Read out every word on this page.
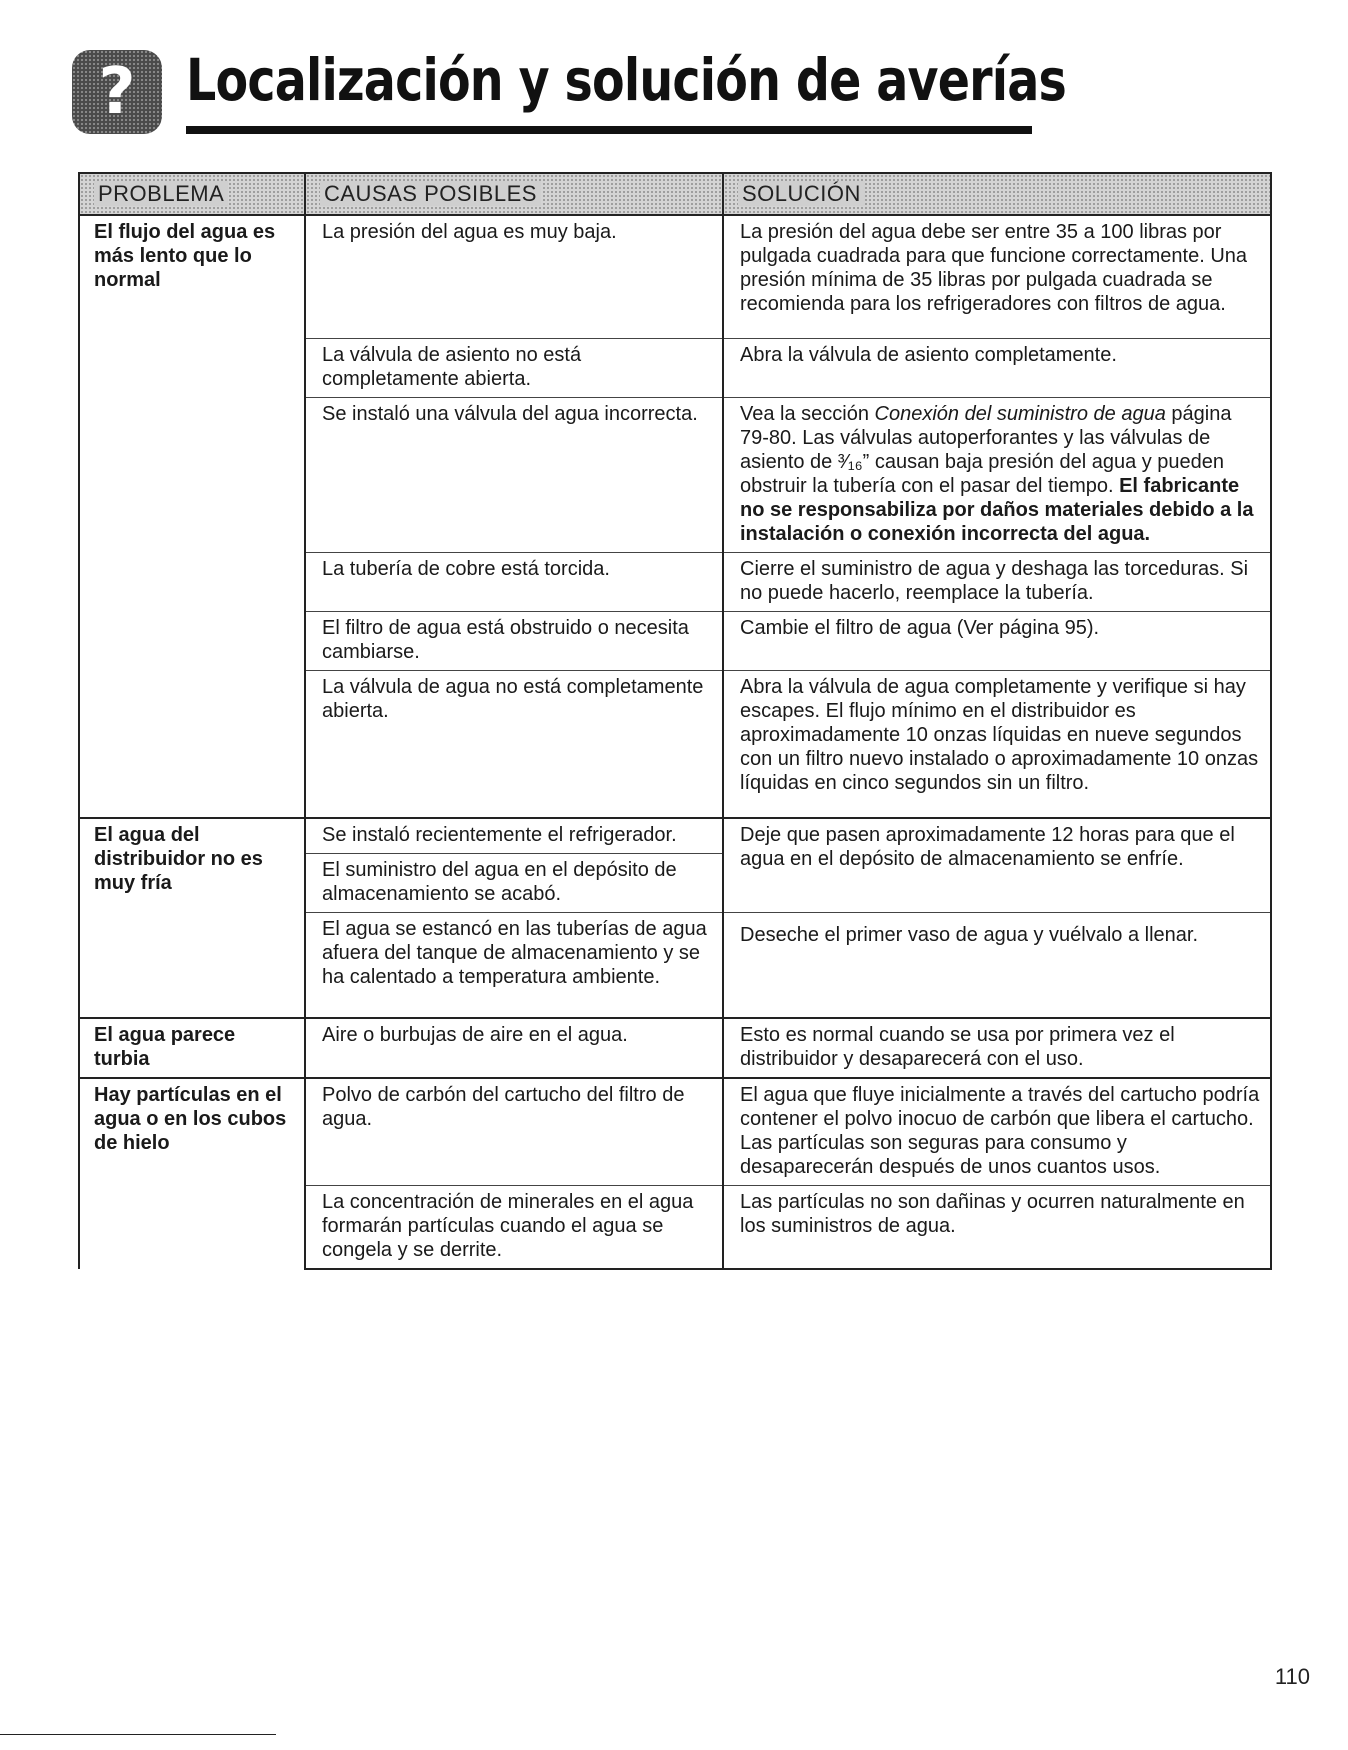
? Localización y solución de averías
PROBLEMA	CAUSAS POSIBLES	SOLUCIÓN
El flujo del agua es más lento que lo normal	La presión del agua es muy baja.	La presión del agua debe ser entre 35 a 100 libras por pulgada cuadrada para que funcione correctamente. Una presión mínima de 35 libras por pulgada cuadrada se recomienda para los refrigeradores con filtros de agua.
	La válvula de asiento no está completamente abierta.	Abra la válvula de asiento completamente.
	Se instaló una válvula del agua incorrecta.	Vea la sección Conexión del suministro de agua página 79-80. Las válvulas autoperforantes y las válvulas de asiento de ³⁄₁₆” causan baja presión del agua y pueden obstruir la tubería con el pasar del tiempo. El fabricante no se responsabiliza por daños materiales debido a la instalación o conexión incorrecta del agua.
	La tubería de cobre está torcida.	Cierre el suministro de agua y deshaga las torceduras. Si no puede hacerlo, reemplace la tubería.
	El filtro de agua está obstruido o necesita cambiarse.	Cambie el filtro de agua (Ver página 95).
	La válvula de agua no está completamente abierta.	Abra la válvula de agua completamente y verifique si hay escapes. El flujo mínimo en el distribuidor es aproximadamente 10 onzas líquidas en nueve segundos con un filtro nuevo instalado o aproximadamente 10 onzas líquidas en cinco segundos sin un filtro.
El agua del distribuidor no es muy fría	Se instaló recientemente el refrigerador.	Deje que pasen aproximadamente 12 horas para que el agua en el depósito de almacenamiento se enfríe.
	El suministro del agua en el depósito de almacenamiento se acabó.	
	El agua se estancó en las tuberías de agua afuera del tanque de almacenamiento y se ha calentado a temperatura ambiente.	Deseche el primer vaso de agua y vuélvalo a llenar.
El agua parece turbia	Aire o burbujas de aire en el agua.	Esto es normal cuando se usa por primera vez el distribuidor y desaparecerá con el uso.
Hay partículas en el agua o en los cubos de hielo	Polvo de carbón del cartucho del filtro de agua.	El agua que fluye inicialmente a través del cartucho podría contener el polvo inocuo de carbón que libera el cartucho. Las partículas son seguras para consumo y desaparecerán después de unos cuantos usos.
	La concentración de minerales en el agua formarán partículas cuando el agua se congela y se derrite.	Las partículas no son dañinas y ocurren naturalmente en los suministros de agua.
110
